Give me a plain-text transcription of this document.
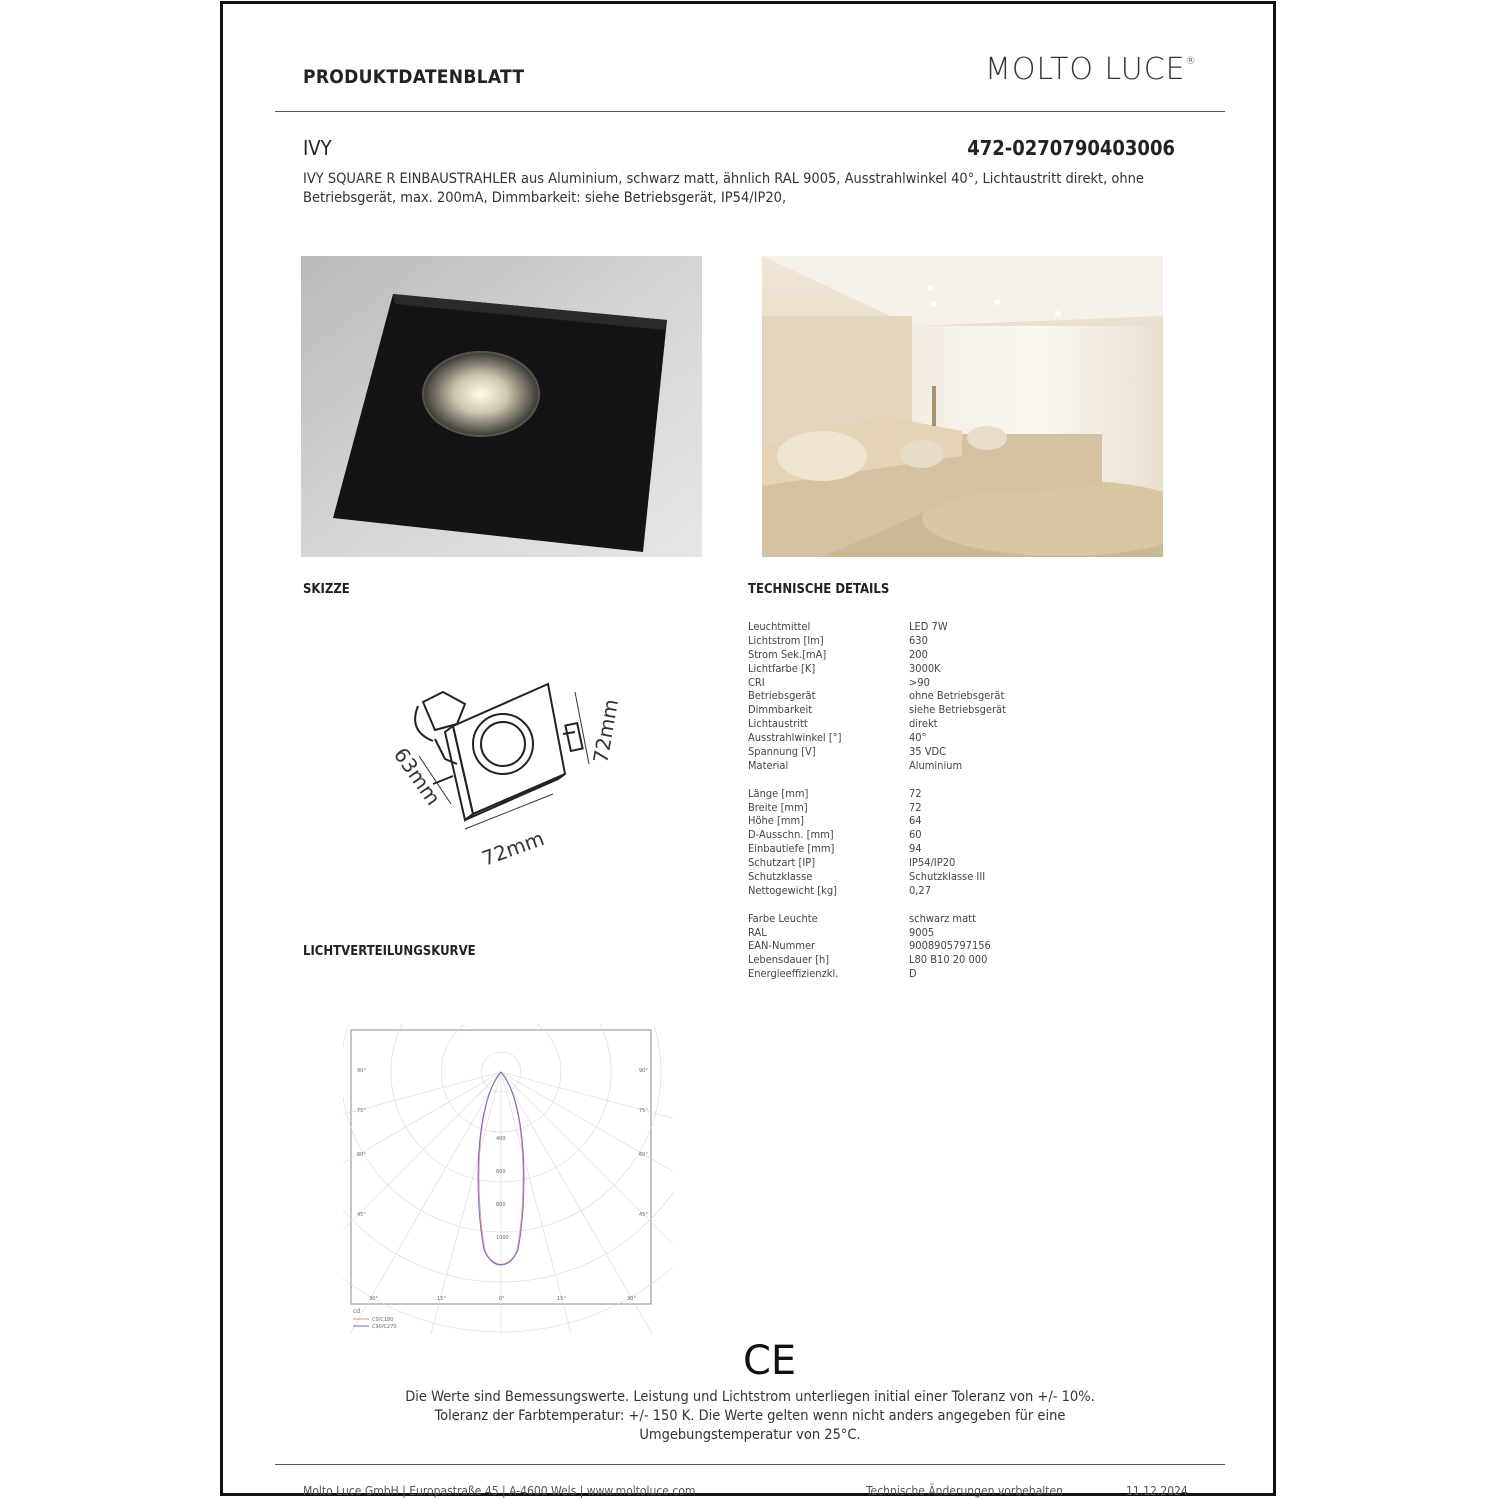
PRODUKTDATENBLATT	MOLTO LUCE®
IVY	472-0270790403006
IVY SQUARE R EINBAUSTRAHLER aus Aluminium, schwarz matt, ähnlich RAL 9005, Ausstrahlwinkel 40°, Lichtaustritt direkt, ohne Betriebsgerät, max. 200mA, Dimmbarkeit: siehe Betriebsgerät, IP54/IP20,
SKIZZE	TECHNISCHE DETAILS
72mm
63mm
72mm
Leuchtmittel	LED 7W
Lichtstrom [lm]	630
Strom Sek.[mA]	200
Lichtfarbe [K]	3000K
CRI	>90
Betriebsgerät	ohne Betriebsgerät
Dimmbarkeit	siehe Betriebsgerät
Lichtaustritt	direkt
Ausstrahlwinkel [°]	40°
Spannung [V]	35 VDC
Material	Aluminium
Länge [mm]	72
Breite [mm]	72
Höhe [mm]	64
D-Ausschn. [mm]	60
Einbautiefe [mm]	94
Schutzart [IP]	IP54/IP20
Schutzklasse	Schutzklasse III
Nettogewicht [kg]	0,27
Farbe Leuchte	schwarz matt
RAL	9005
EAN-Nummer	9008905797156
Lebensdauer [h]	L80 B10 20 000
Energieeffizienzkl.	D
LICHTVERTEILUNGSKURVE
90°	90°
75°	75°
60°	60°
45°	45°
30°	15°	0°	15°	30°
400
600
800
1000
cd
C0/C180
C90/C270
CE
Die Werte sind Bemessungswerte. Leistung und Lichtstrom unterliegen initial einer Toleranz von +/- 10%.
Toleranz der Farbtemperatur: +/- 150 K. Die Werte gelten wenn nicht anders angegeben für eine
Umgebungstemperatur von 25°C.
Molto Luce GmbH | Europastraße 45 | A-4600 Wels | www.moltoluce.com	Technische Änderungen vorbehalten	11.12.2024
